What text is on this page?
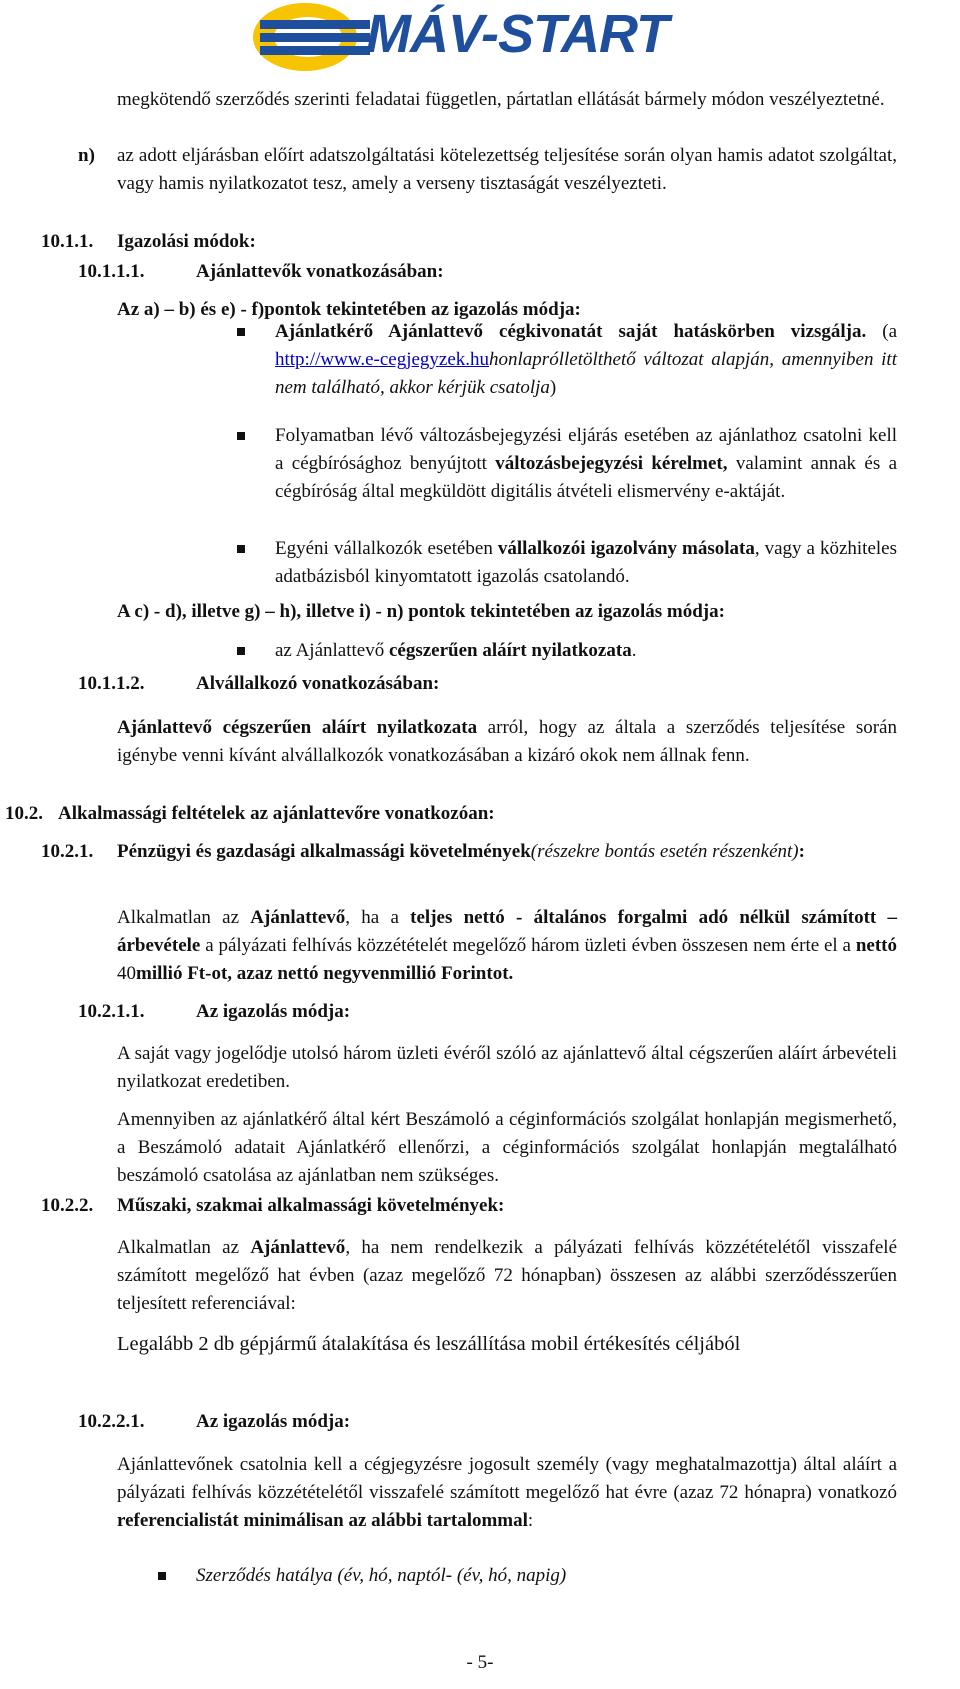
MÁV-START
megkötendő szerződés szerinti feladatai független, pártatlan ellátását bármely módon veszélyeztetné.
n) az adott eljárásban előírt adatszolgáltatási kötelezettség teljesítése során olyan hamis adatot szolgáltat, vagy hamis nyilatkozatot tesz, amely a verseny tisztaságát veszélyezteti.
10.1.1. Igazolási módok:
10.1.1.1.	Ajánlattevők vonatkozásában:
Az a) – b) és e) - f)pontok tekintetében az igazolás módja:
Ajánlatkérő Ajánlattevő cégkivonatát saját hatáskörben vizsgálja. (a http://www.e-cegjegyzek.huhonlaprólletölthető változat alapján, amennyiben itt nem található, akkor kérjük csatolja)
Folyamatban lévő változásbejegyzési eljárás esetében az ajánlathoz csatolni kell a cégbírósághoz benyújtott változásbejegyzési kérelmet, valamint annak és a cégbíróság által megküldött digitális átvételi elismervény e-aktáját.
Egyéni vállalkozók esetében vállalkozói igazolvány másolata, vagy a közhiteles adatbázisból kinyomtatott igazolás csatolandó.
A c) - d), illetve g) – h), illetve i) - n) pontok tekintetében az igazolás módja:
az Ajánlattevő cégszerűen aláírt nyilatkozata.
10.1.1.2.	Alvállalkozó vonatkozásában:
Ajánlattevő cégszerűen aláírt nyilatkozata arról, hogy az általa a szerződés teljesítése során igénybe venni kívánt alvállalkozók vonatkozásában a kizáró okok nem állnak fenn.
10.2. Alkalmassági feltételek az ajánlattevőre vonatkozóan:
10.2.1. Pénzügyi és gazdasági alkalmassági követelmények(részekre bontás esetén részenként):
Alkalmatlan az Ajánlattevő, ha a teljes nettó - általános forgalmi adó nélkül számított – árbevétele a pályázati felhívás közzétételét megelőző három üzleti évben összesen nem érte el a nettó 40millió Ft-ot, azaz nettó negyvenmillió Forintot.
10.2.1.1.	Az igazolás módja:
A saját vagy jogelődje utolsó három üzleti évéről szóló az ajánlattevő által cégszerűen aláírt árbevételi nyilatkozat eredetiben.
Amennyiben az ajánlatkérő által kért Beszámoló a céginformációs szolgálat honlapján megismerhető, a Beszámoló adatait Ajánlatkérő ellenőrzi, a céginformációs szolgálat honlapján megtalálható beszámoló csatolása az ajánlatban nem szükséges.
10.2.2. Műszaki, szakmai alkalmassági követelmények:
Alkalmatlan az Ajánlattevő, ha nem rendelkezik a pályázati felhívás közzétételétől visszafelé számított megelőző hat évben (azaz megelőző 72 hónapban) összesen az alábbi szerződésszerűen teljesített referenciával:
Legalább 2 db gépjármű átalakítása és leszállítása mobil értékesítés céljából
10.2.2.1.	Az igazolás módja:
Ajánlattevőnek csatolnia kell a cégjegyzésre jogosult személy (vagy meghatalmazottja) által aláírt a pályázati felhívás közzétételétől visszafelé számított megelőző hat évre (azaz 72 hónapra) vonatkozó referencialistát minimálisan az alábbi tartalommal:
Szerződés hatálya (év, hó, naptól- (év, hó, napig)
- 5-
